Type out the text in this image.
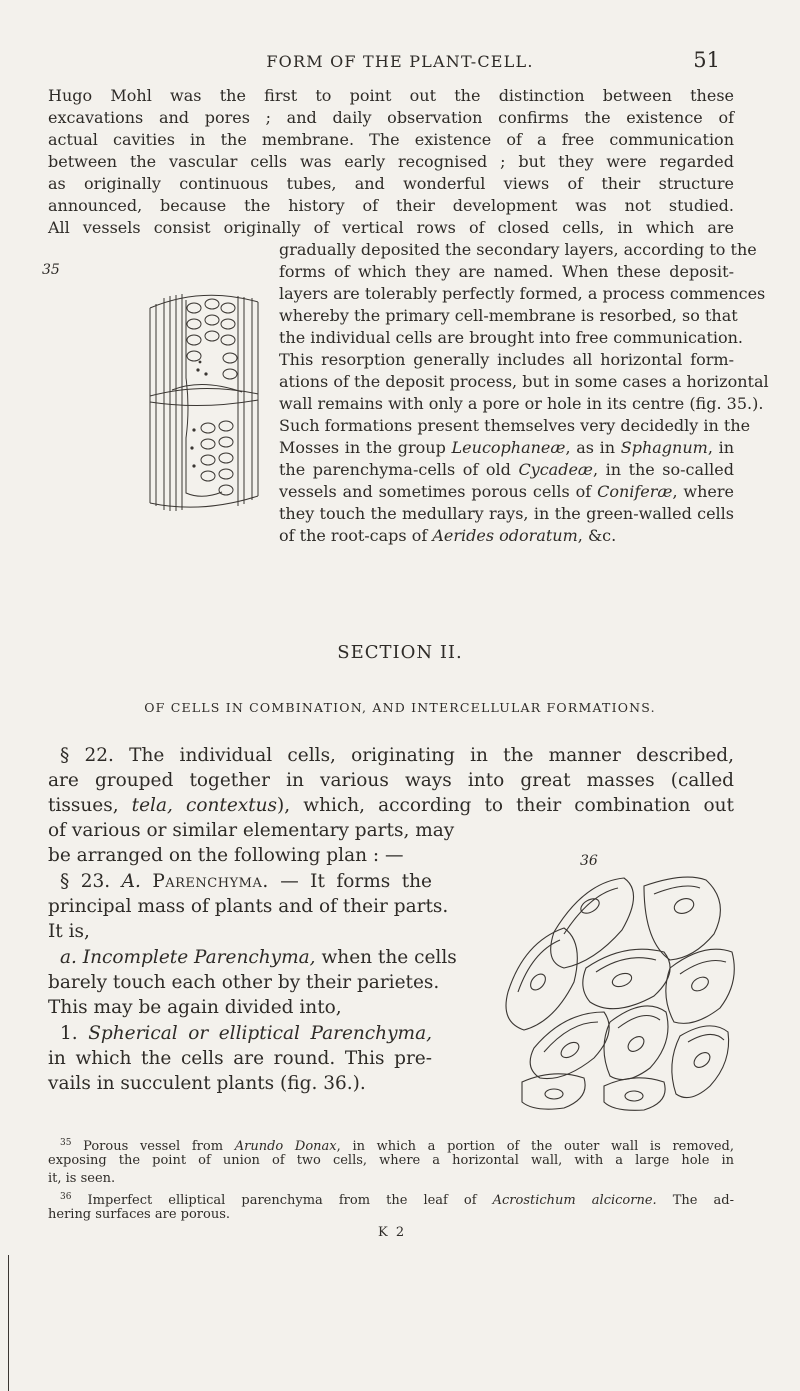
FORM OF THE PLANT-CELL.	51
Hugo Mohl was the first to point out the distinction between these
excavations and pores ; and daily observation confirms the existence of
actual cavities in the membrane. The existence of a free communication
between the vascular cells was early recognised ; but they were regarded
as originally continuous tubes, and wonderful views of their structure
announced, because the history of their development was not studied.
All vessels consist originally of vertical rows of closed cells, in which are
gradually deposited the secondary layers, according to the
forms of which they are named. When these deposit-
layers are tolerably perfectly formed, a process commences
whereby the primary cell-membrane is resorbed, so that
the individual cells are brought into free communication.
This resorption generally includes all horizontal form-
ations of the deposit process, but in some cases a horizontal
wall remains with only a pore or hole in its centre (fig. 35.).
Such formations present themselves very decidedly in the
Mosses in the group Leucophaneæ, as in Sphagnum, in
the parenchyma-cells of old Cycadeæ, in the so-called
vessels and sometimes porous cells of Coniferæ, where
they touch the medullary rays, in the green-walled cells
of the root-caps of Aerides odoratum, &c.
35
SECTION II.
OF CELLS IN COMBINATION, AND INTERCELLULAR FORMATIONS.
§ 22. The individual cells, originating in the manner described,
are grouped together in various ways into great masses (called
tissues, tela, contextus), which, according to their combination out
of various or similar elementary parts, may
be arranged on the following plan : —
§ 23. A. Parenchyma. — It forms the
principal mass of plants and of their parts.
It is,
a. Incomplete Parenchyma, when the cells
barely touch each other by their parietes.
This may be again divided into,
1. Spherical or elliptical Parenchyma,
in which the cells are round. This pre-
vails in succulent plants (fig. 36.).
36
$^{35}$ Porous vessel from Arundo Donax, in which a portion of the outer wall is removed,
exposing the point of union of two cells, where a horizontal wall, with a large hole in
it, is seen.
$^{36}$ Imperfect elliptical parenchyma from the leaf of Acrostichum alcicorne. The ad-
hering surfaces are porous.
K 2
